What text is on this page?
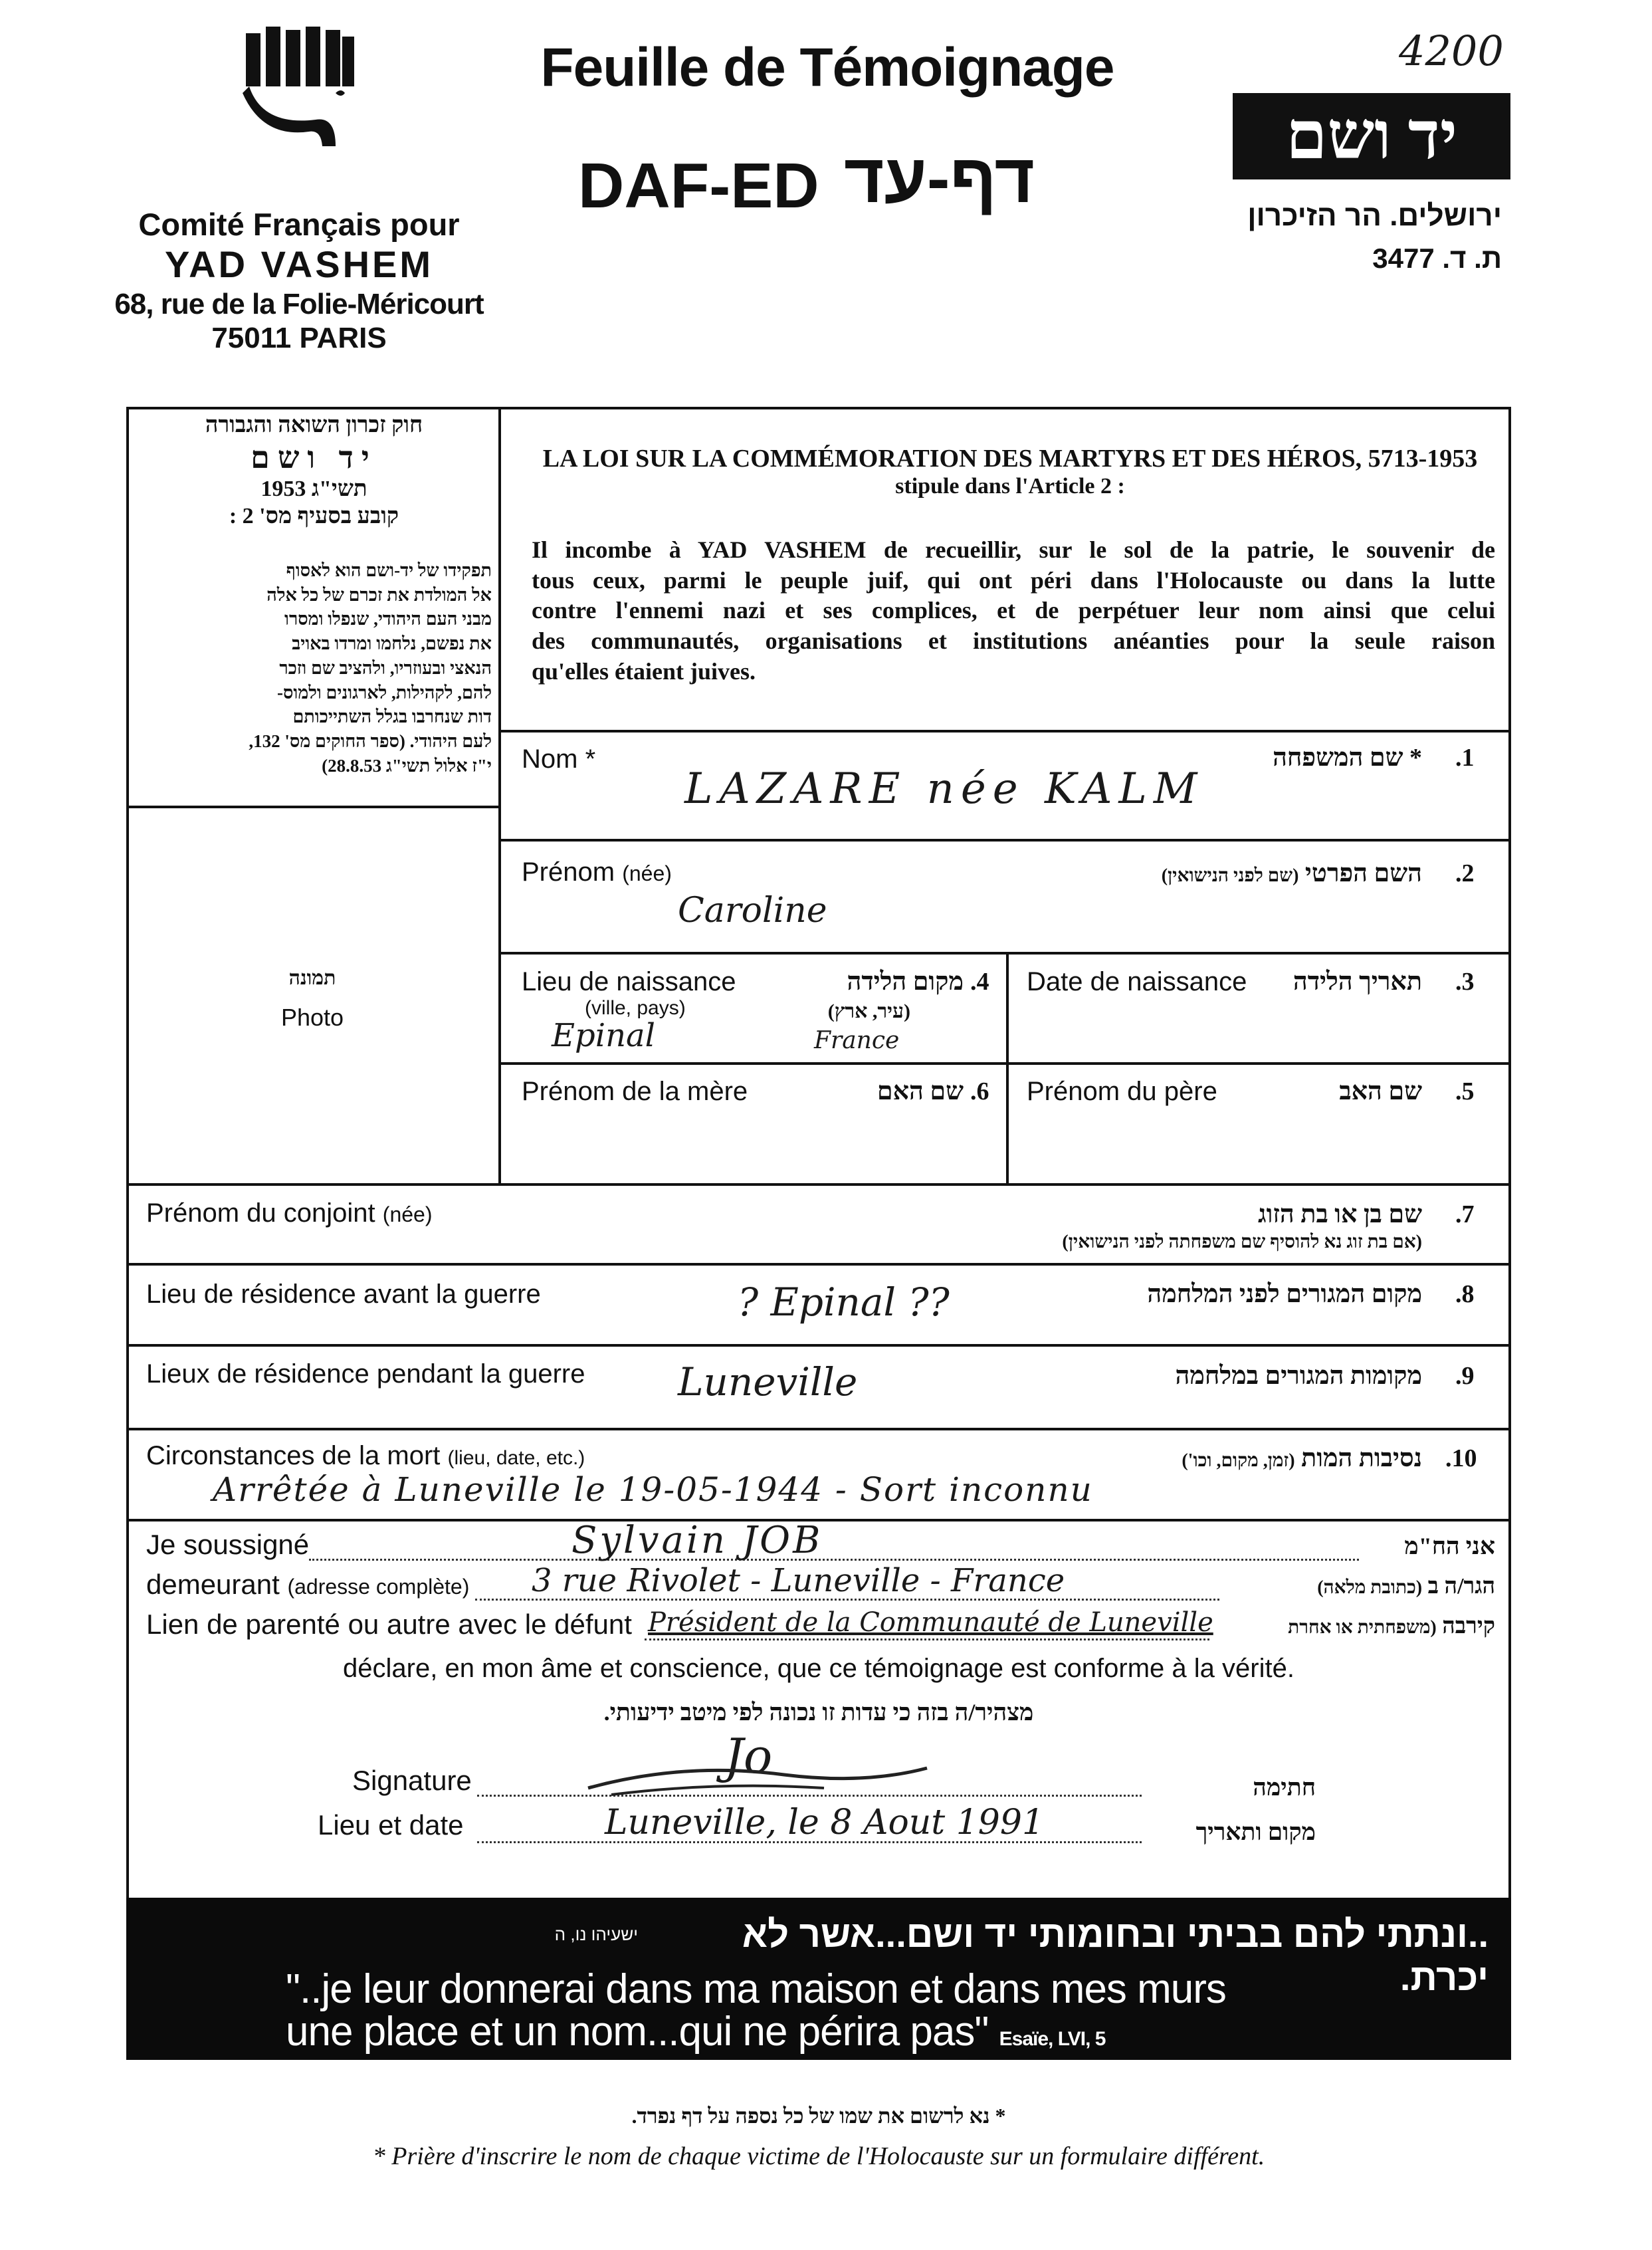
4200
Comité Français pour
YAD VASHEM
68, rue de la Folie-Méricourt
75011 PARIS
Feuille de Témoignage
DAF-ED דף-עד
יד ושם
ירושלים. הר הזיכרון
ת. ד. 3477
חוק זכרון השואה והגבורה
יד ושם
תשי"ג 1953
קובע בסעיף מס' 2 :
תפקידו של יד-ושם הוא לאסוף
אל המולדת את זכרם של כל אלה
מבני העם היהודי, שנפלו ומסרו
את נפשם, נלחמו ומרדו באויב
הנאצי ובעוזריו, ולהציב שם וזכר
להם, לקהילות, לארגונים ולמוס-
דות שנחרבו בגלל השתייכותם
לעם היהודי. (ספר החוקים מס' 132,
י"ז אלול תשי"ג 28.8.53)
תמונה
Photo
LA LOI SUR LA COMMÉMORATION DES MARTYRS ET DES HÉROS, 5713-1953
stipule dans l'Article 2 :
Il incombe à YAD VASHEM de recueillir, sur le sol de la patrie, le souvenir de
tous ceux, parmi le peuple juif, qui ont péri dans l'Holocauste ou dans la lutte
contre l'ennemi nazi et ses complices, et de perpétuer leur nom ainsi que celui
des communautés, organisations et institutions anéanties pour la seule raison
qu'elles étaient juives.
Nom *	* שם המשפחה .1
LAZARE née KALM
Prénom (née)	השם הפרטי (שם לפני הנישואין)	.2
Caroline
Lieu de naissance
(ville, pays)
מקום הלידה
(עיר, ארץ)
.4
Epinal	France
Date de naissance	תאריך הלידה .3
Prénom de la mère	שם האם .6 Prénom du père	שם האב .5
Prénom du conjoint (née)	שם בן או בת הזוג
(אם בת זוג נא להוסיף שם משפחתה לפני הנישואין)
.7
Lieu de résidence avant la guerre	מקום המגורים לפני המלחמה .8
? Epinal ??
Lieux de résidence pendant la guerre	מקומות המגורים במלחמה .9
Luneville
Circonstances de la mort (lieu, date, etc.)	נסיבות המות (זמן, מקום, וכו')	.10
Arrêtée à Luneville le 19-05-1944 - Sort inconnu
Je soussigné	Sylvain JOB	אני הח"מ
demeurant (adresse complète) 3 rue Rivolet - Luneville - France	הגר/ה ב (כתובת מלאה)
Lien de parenté ou autre avec le défunt Président de la Communauté de Luneville	קירבה (משפחתית או אחרת
déclare, en mon âme et conscience, que ce témoignage est conforme à la vérité.
מצהיר/ה בזה כי עדות זו נכונה לפי מיטב ידיעותי.
Signature	Jo
חתימה
Lieu et date	Luneville, le 8 Aout 1991	מקום ותאריך
..ונתתי להם בביתי ובחומותי יד ושם...אשר לא יכרת.
ישעיהו נו, ה
"..je leur donnerai dans ma maison et dans mes murs
une place et un nom...qui ne périra pas" Esaïe, LVI, 5
* נא לרשום את שמו של כל נספה על דף נפרד.
* Prière d'inscrire le nom de chaque victime de l'Holocauste sur un formulaire différent.
